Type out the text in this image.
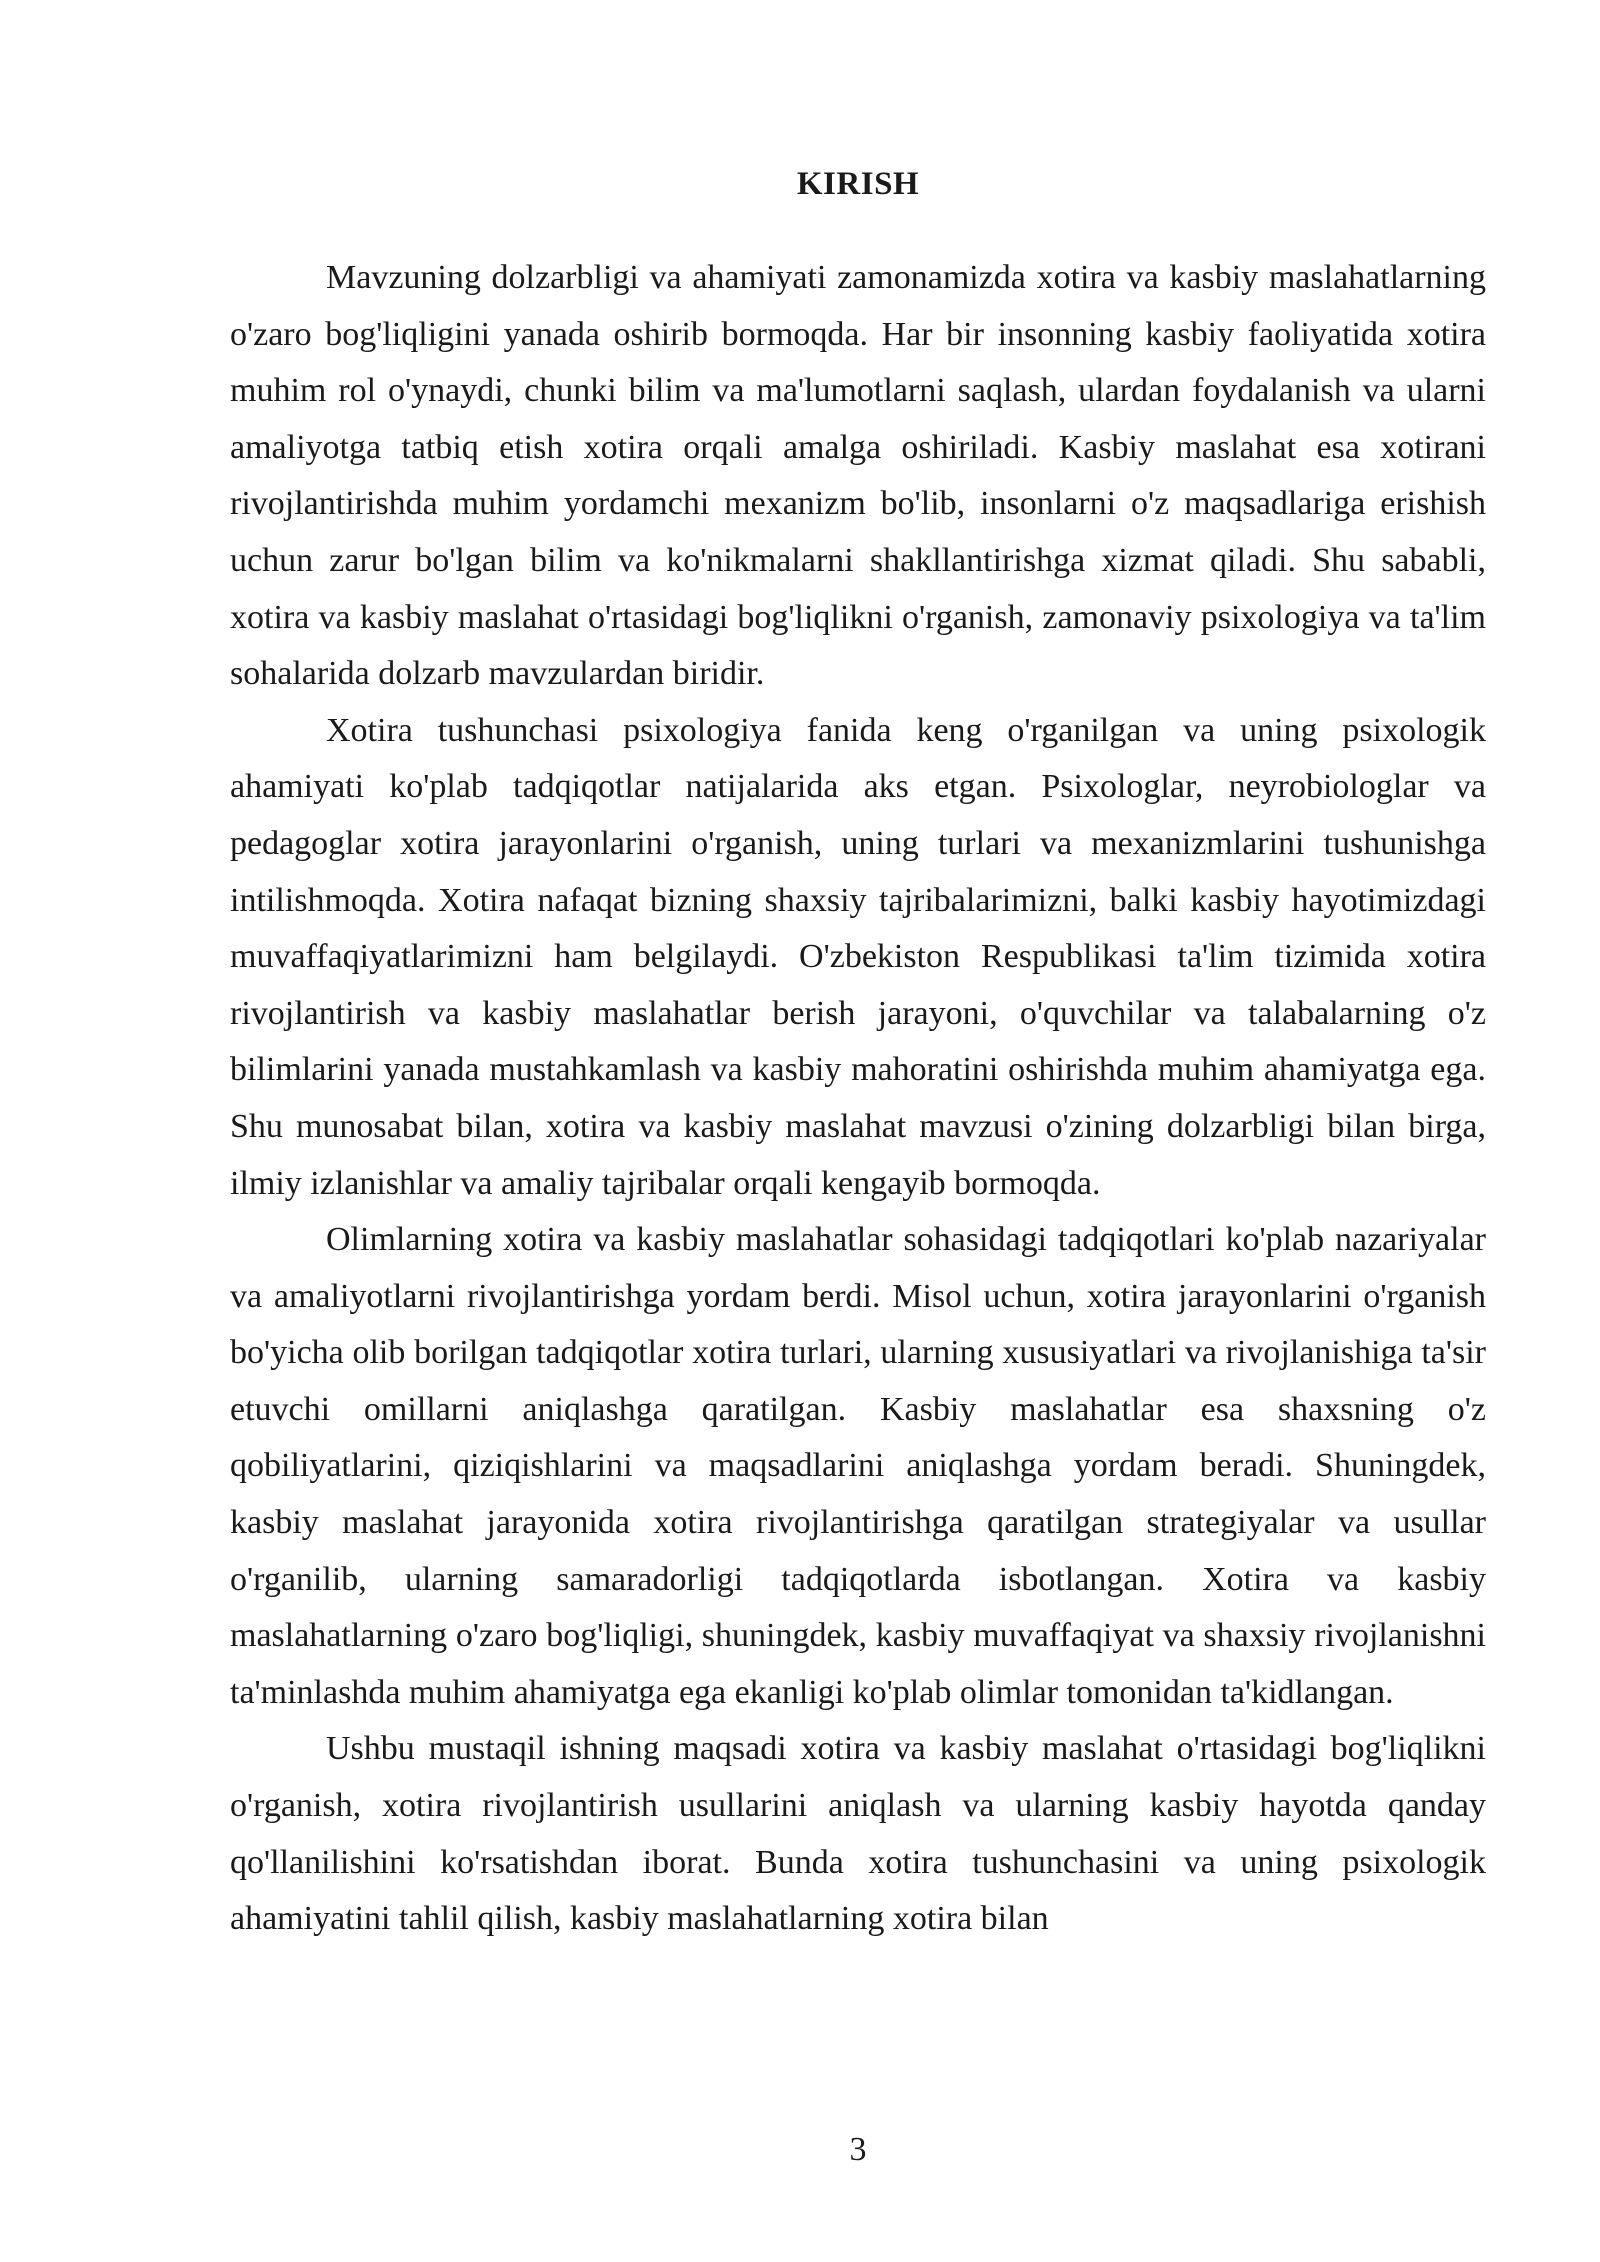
KIRISH

Mavzuning dolzarbligi va ahamiyati zamonamizda xotira va kasbiy maslahatlarning o'zaro bog'liqligini yanada oshirib bormoqda. Har bir insonning kasbiy faoliyatida xotira muhim rol o'ynaydi, chunki bilim va ma'lumotlarni saqlash, ulardan foydalanish va ularni amaliyotga tatbiq etish xotira orqali amalga oshiriladi. Kasbiy maslahat esa xotirani rivojlantirishda muhim yordamchi mexanizm bo'lib, insonlarni o'z maqsadlariga erishish uchun zarur bo'lgan bilim va ko'nikmalarni shakllantirishga xizmat qiladi. Shu sababli, xotira va kasbiy maslahat o'rtasidagi bog'liqlikni o'rganish, zamonaviy psixologiya va ta'lim sohalarida dolzarb mavzulardan biridir.

Xotira tushunchasi psixologiya fanida keng o'rganilgan va uning psixologik ahamiyati ko'plab tadqiqotlar natijalarida aks etgan. Psixologlar, neyrobiologlar va pedagoglar xotira jarayonlarini o'rganish, uning turlari va mexanizmlarini tushunishga intilishmoqda. Xotira nafaqat bizning shaxsiy tajribalarimizni, balki kasbiy hayotimizdagi muvaffaqiyatlarimizni ham belgilaydi. O'zbekiston Respublikasi ta'lim tizimida xotira rivojlantirish va kasbiy maslahatlar berish jarayoni, o'quvchilar va talabalarning o'z bilimlarini yanada mustahkamlash va kasbiy mahoratini oshirishda muhim ahamiyatga ega. Shu munosabat bilan, xotira va kasbiy maslahat mavzusi o'zining dolzarbligi bilan birga, ilmiy izlanishlar va amaliy tajribalar orqali kengayib bormoqda.

Olimlarning xotira va kasbiy maslahatlar sohasidagi tadqiqotlari ko'plab nazariyalar va amaliyotlarni rivojlantirishga yordam berdi. Misol uchun, xotira jarayonlarini o'rganish bo'yicha olib borilgan tadqiqotlar xotira turlari, ularning xususiyatlari va rivojlanishiga ta'sir etuvchi omillarni aniqlashga qaratilgan. Kasbiy maslahatlar esa shaxsning o'z qobiliyatlarini, qiziqishlarini va maqsadlarini aniqlashga yordam beradi. Shuningdek, kasbiy maslahat jarayonida xotira rivojlantirishga qaratilgan strategiyalar va usullar o'rganilib, ularning samaradorligi tadqiqotlarda isbotlangan. Xotira va kasbiy maslahatlarning o'zaro bog'liqligi, shuningdek, kasbiy muvaffaqiyat va shaxsiy rivojlanishni ta'minlashda muhim ahamiyatga ega ekanligi ko'plab olimlar tomonidan ta'kidlangan.

Ushbu mustaqil ishning maqsadi xotira va kasbiy maslahat o'rtasidagi bog'liqlikni o'rganish, xotira rivojlantirish usullarini aniqlash va ularning kasbiy hayotda qanday qo'llanilishini ko'rsatishdan iborat. Bunda xotira tushunchasini va uning psixologik ahamiyatini tahlil qilish, kasbiy maslahatlarning xotira bilan

3
